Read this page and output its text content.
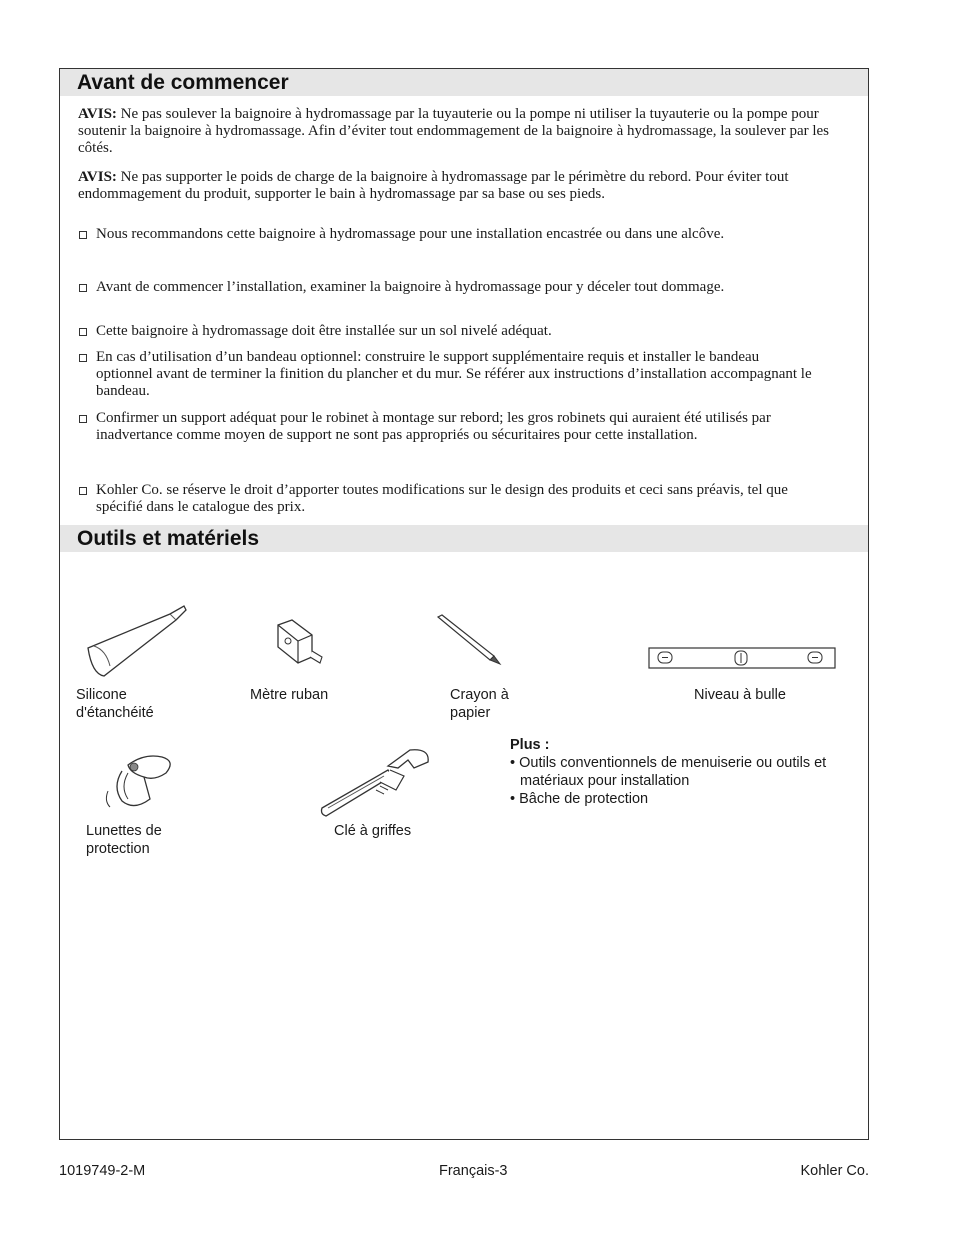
Avant de commencer

AVIS: Ne pas soulever la baignoire à hydromassage par la tuyauterie ou la pompe ni utiliser la tuyauterie ou la pompe pour soutenir la baignoire à hydromassage. Afin d’éviter tout endommagement de la baignoire à hydromassage, la soulever par les côtés.

AVIS: Ne pas supporter le poids de charge de la baignoire à hydromassage par le périmètre du rebord. Pour éviter tout endommagement du produit, supporter le bain à hydromassage par sa base ou ses pieds.

Nous recommandons cette baignoire à hydromassage pour une installation encastrée ou dans une alcôve.
Avant de commencer l’installation, examiner la baignoire à hydromassage pour y déceler tout dommage.
Cette baignoire à hydromassage doit être installée sur un sol nivelé adéquat.
En cas d’utilisation d’un bandeau optionnel: construire le support supplémentaire requis et installer le bandeau optionnel avant de terminer la finition du plancher et du mur. Se référer aux instructions d’installation accompagnant le bandeau.
Confirmer un support adéquat pour le robinet à montage sur rebord; les gros robinets qui auraient été utilisés par inadvertance comme moyen de support ne sont pas appropriés ou sécuritaires pour cette installation.
Kohler Co. se réserve le droit d’apporter toutes modifications sur le design des produits et ceci sans préavis, tel que spécifié dans le catalogue des prix.
Outils et matériels
Silicone
d'étanchéité
Mètre ruban	Crayon à
papier
Niveau à bulle
Lunettes de
protection
Clé à griffes
Plus :
• Outils conventionnels de menuiserie ou outils et matériaux pour installation
• Bâche de protection
1019749-2-M	Français-3	Kohler Co.
